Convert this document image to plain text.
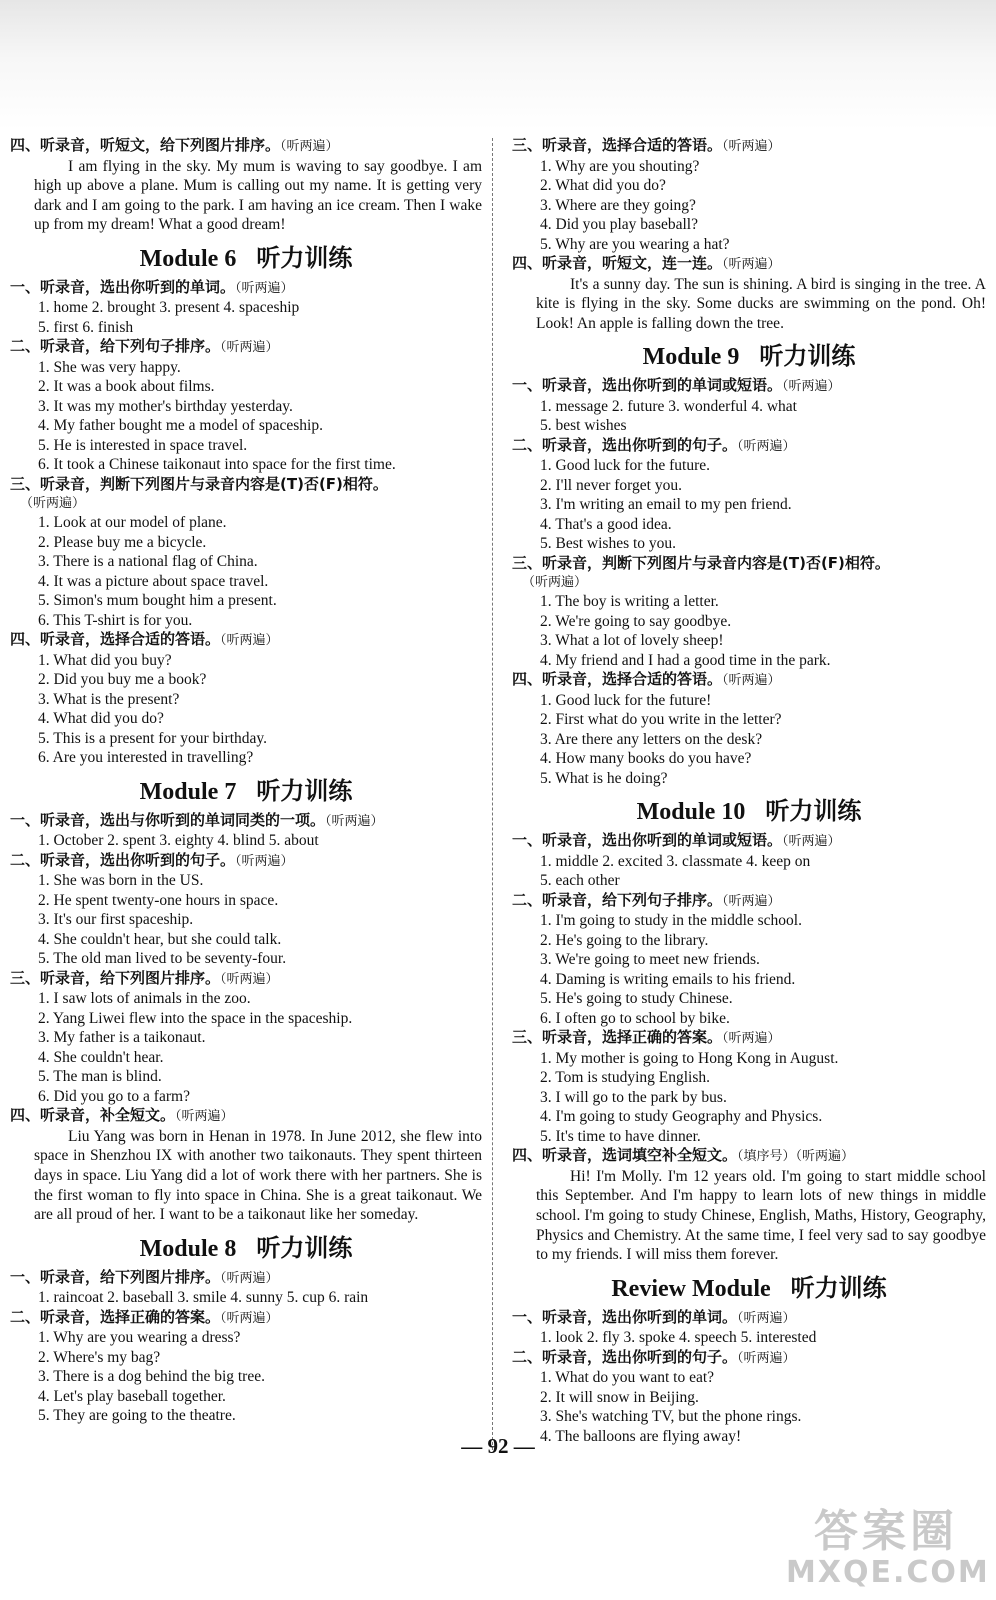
四、听录音，听短文，给下列图片排序。（听两遍）
I am flying in the sky. My mum is waving to say goodbye. I am high up above a plane. Mum is calling out my name. It is getting very dark and I am going to the park. I am having an ice cream. Then I wake up from my dream! What a good dream!
Module 6 听力训练
一、听录音，选出你听到的单词。（听两遍）
1. home 2. brought 3. present 4. spaceship
5. first 6. finish
二、听录音，给下列句子排序。（听两遍）
1. She was very happy.
2. It was a book about films.
3. It was my mother's birthday yesterday.
4. My father bought me a model of spaceship.
5. He is interested in space travel.
6. It took a Chinese taikonaut into space for the first time.
三、听录音，判断下列图片与录音内容是(T)否(F)相符。
（听两遍）
1. Look at our model of plane.
2. Please buy me a bicycle.
3. There is a national flag of China.
4. It was a picture about space travel.
5. Simon's mum bought him a present.
6. This T-shirt is for you.
四、听录音，选择合适的答语。（听两遍）
1. What did you buy?
2. Did you buy me a book?
3. What is the present?
4. What did you do?
5. This is a present for your birthday.
6. Are you interested in travelling?
Module 7 听力训练
一、听录音，选出与你听到的单词同类的一项。（听两遍）
1. October 2. spent 3. eighty 4. blind 5. about
二、听录音，选出你听到的句子。（听两遍）
1. She was born in the US.
2. He spent twenty-one hours in space.
3. It's our first spaceship.
4. She couldn't hear, but she could talk.
5. The old man lived to be seventy-four.
三、听录音，给下列图片排序。（听两遍）
1. I saw lots of animals in the zoo.
2. Yang Liwei flew into the space in the spaceship.
3. My father is a taikonaut.
4. She couldn't hear.
5. The man is blind.
6. Did you go to a farm?
四、听录音，补全短文。（听两遍）
Liu Yang was born in Henan in 1978. In June 2012, she flew into space in Shenzhou IX with another two taikonauts. They spent thirteen days in space. Liu Yang did a lot of work there with her partners. She is the first woman to fly into space in China. She is a great taikonaut. We are all proud of her. I want to be a taikonaut like her someday.
Module 8 听力训练
一、听录音，给下列图片排序。（听两遍）
1. raincoat 2. baseball 3. smile 4. sunny 5. cup 6. rain
二、听录音，选择正确的答案。（听两遍）
1. Why are you wearing a dress?
2. Where's my bag?
3. There is a dog behind the big tree.
4. Let's play baseball together.
5. They are going to the theatre.
三、听录音，选择合适的答语。（听两遍）
1. Why are you shouting?
2. What did you do?
3. Where are they going?
4. Did you play baseball?
5. Why are you wearing a hat?
四、听录音，听短文，连一连。（听两遍）
It's a sunny day. The sun is shining. A bird is singing in the tree. A kite is flying in the sky. Some ducks are swimming on the pond. Oh! Look! An apple is falling down the tree.
Module 9 听力训练
一、听录音，选出你听到的单词或短语。（听两遍）
1. message 2. future 3. wonderful 4. what
5. best wishes
二、听录音，选出你听到的句子。（听两遍）
1. Good luck for the future.
2. I'll never forget you.
3. I'm writing an email to my pen friend.
4. That's a good idea.
5. Best wishes to you.
三、听录音，判断下列图片与录音内容是(T)否(F)相符。
（听两遍）
1. The boy is writing a letter.
2. We're going to say goodbye.
3. What a lot of lovely sheep!
4. My friend and I had a good time in the park.
四、听录音，选择合适的答语。（听两遍）
1. Good luck for the future!
2. First what do you write in the letter?
3. Are there any letters on the desk?
4. How many books do you have?
5. What is he doing?
Module 10 听力训练
一、听录音，选出你听到的单词或短语。（听两遍）
1. middle 2. excited 3. classmate 4. keep on
5. each other
二、听录音，给下列句子排序。（听两遍）
1. I'm going to study in the middle school.
2. He's going to the library.
3. We're going to meet new friends.
4. Daming is writing emails to his friend.
5. He's going to study Chinese.
6. I often go to school by bike.
三、听录音，选择正确的答案。（听两遍）
1. My mother is going to Hong Kong in August.
2. Tom is studying English.
3. I will go to the park by bus.
4. I'm going to study Geography and Physics.
5. It's time to have dinner.
四、听录音，选词填空补全短文。（填序号）（听两遍）
Hi! I'm Molly. I'm 12 years old. I'm going to start middle school this September. And I'm happy to learn lots of new things in middle school. I'm going to study Chinese, English, Maths, History, Geography, Physics and Chemistry. At the same time, I feel very sad to say goodbye to my friends. I will miss them forever.
Review Module 听力训练
一、听录音，选出你听到的单词。（听两遍）
1. look 2. fly 3. spoke 4. speech 5. interested
二、听录音，选出你听到的句子。（听两遍）
1. What do you want to eat?
2. It will snow in Beijing.
3. She's watching TV, but the phone rings.
4. The balloons are flying away!
— 92 —
答案圈
MXQE.COM
